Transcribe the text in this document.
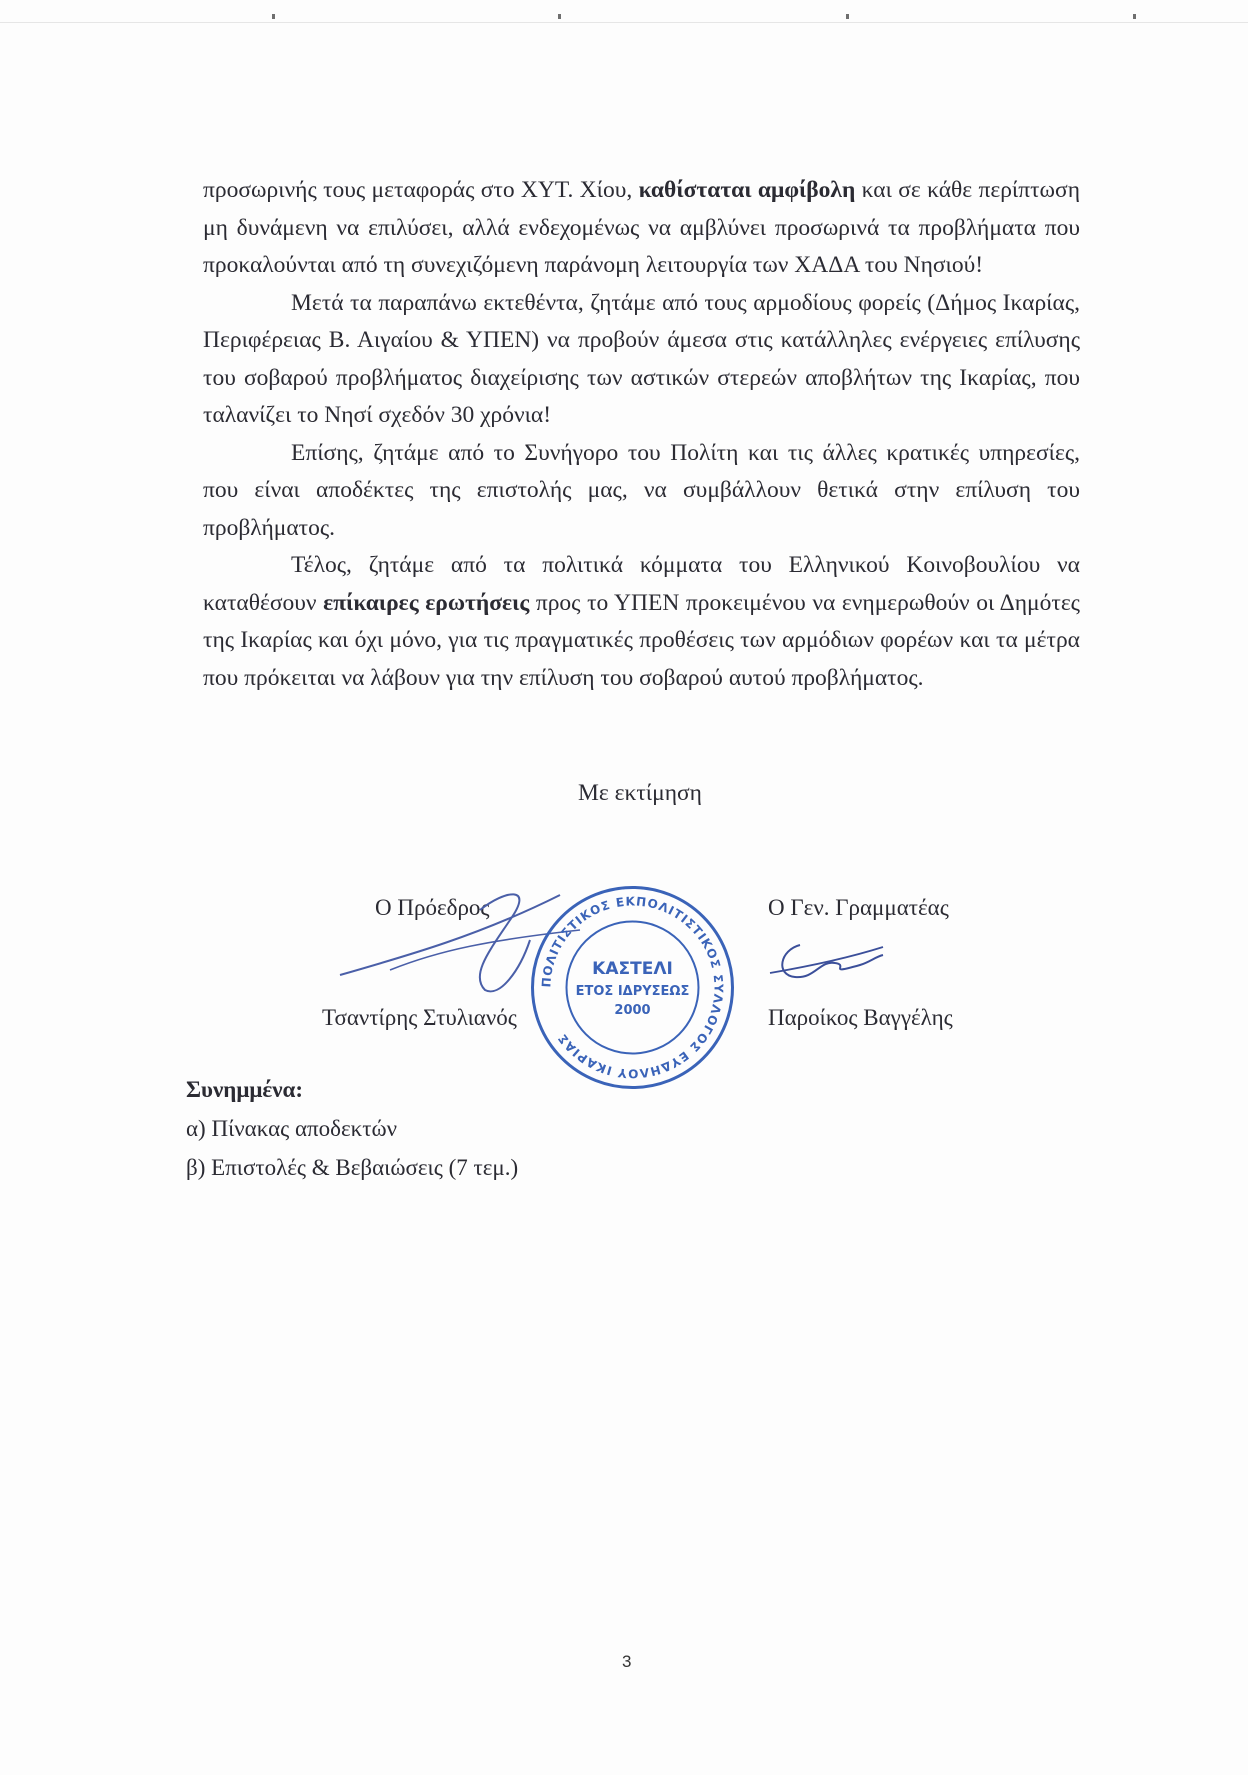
προσωρινής τους μεταφοράς στο ΧΥΤ. Χίου, καθίσταται αμφίβολη και σε κάθε περίπτωση μη δυνάμενη να επιλύσει, αλλά ενδεχομένως να αμβλύνει προσωρινά τα προβλήματα που προκαλούνται από τη συνεχιζόμενη παράνομη λειτουργία των ΧΑΔΑ του Νησιού!

Μετά τα παραπάνω εκτεθέντα, ζητάμε από τους αρμοδίους φορείς (Δήμος Ικαρίας, Περιφέρειας Β. Αιγαίου & ΥΠΕΝ) να προβούν άμεσα στις κατάλληλες ενέργειες επίλυσης του σοβαρού προβλήματος διαχείρισης των αστικών στερεών αποβλήτων της Ικαρίας, που ταλανίζει το Νησί σχεδόν 30 χρόνια!

Επίσης, ζητάμε από το Συνήγορο του Πολίτη και τις άλλες κρατικές υπηρεσίες, που είναι αποδέκτες της επιστολής μας, να συμβάλλουν θετικά στην επίλυση του προβλήματος.

Τέλος, ζητάμε από τα πολιτικά κόμματα του Ελληνικού Κοινοβουλίου να καταθέσουν επίκαιρες ερωτήσεις προς το ΥΠΕΝ προκειμένου να ενημερωθούν οι Δημότες της Ικαρίας και όχι μόνο, για τις πραγματικές προθέσεις των αρμόδιων φορέων και τα μέτρα που πρόκειται να λάβουν για την επίλυση του σοβαρού αυτού προβλήματος.

Με εκτίμηση
Ο Πρόεδρος
Τσαντίρης Στυλιανός
Ο Γεν. Γραμματέας
Παροίκος Βαγγέλης
ΠΟΛΙΤΙΣΤΙΚΟΣ ΕΚΠΟΛΙΤΙΣΤΙΚΟΣ ΣΥΛΛΟΓΟΣ ΕΥΔΗΛΟΥ ΙΚΑΡΙΑΣ
ΚΑΣΤΕΛΙ
ΕΤΟΣ ΙΔΡΥΣΕΩΣ
2000
Συνημμένα:
α) Πίνακας αποδεκτών
β) Επιστολές & Βεβαιώσεις (7 τεμ.)
3
